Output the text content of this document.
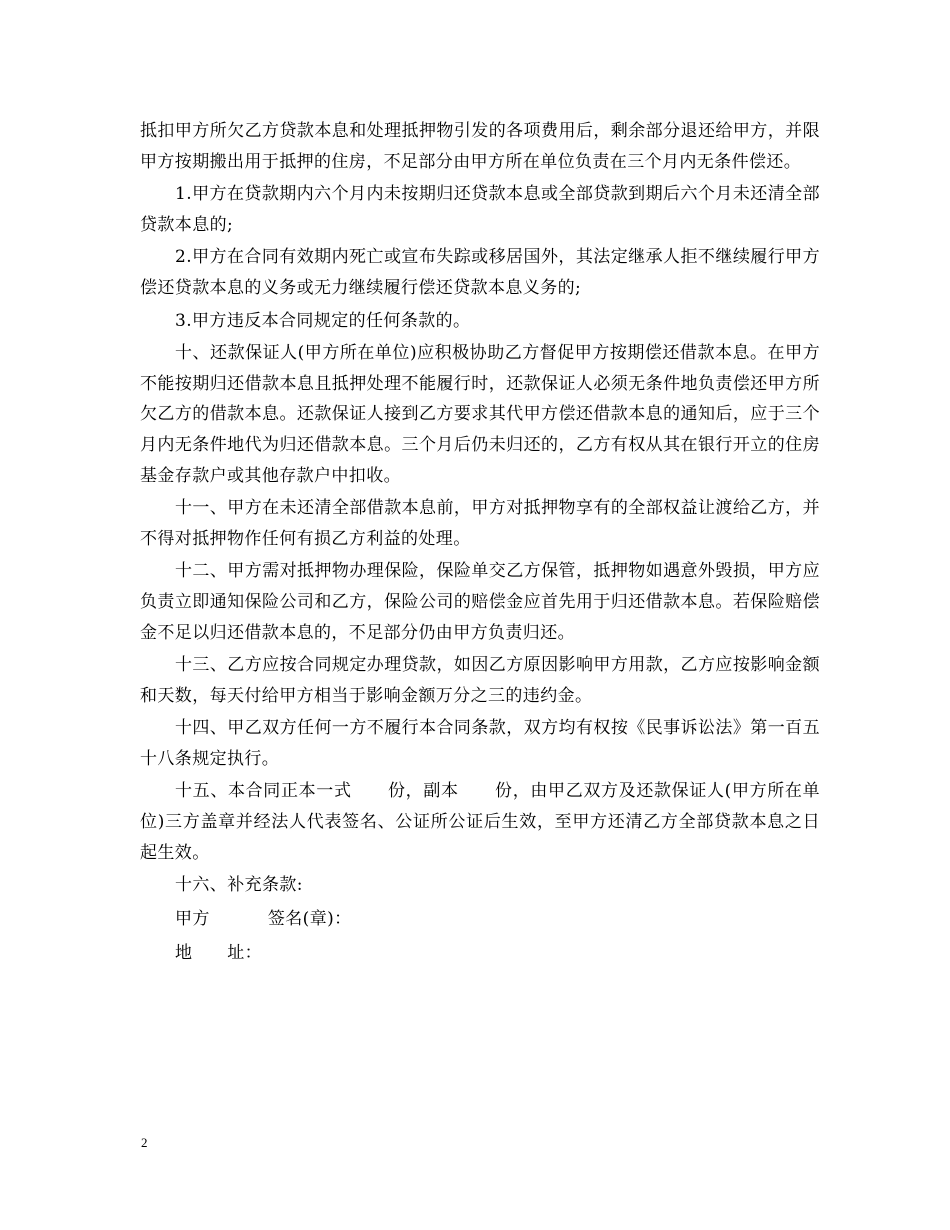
抵扣甲方所欠乙方贷款本息和处理抵押物引发的各项费用后，剩余部分退还给甲方，并限甲方按期搬出用于抵押的住房，不足部分由甲方所在单位负责在三个月内无条件偿还。

1.甲方在贷款期内六个月内未按期归还贷款本息或全部贷款到期后六个月未还清全部贷款本息的;

2.甲方在合同有效期内死亡或宣布失踪或移居国外，其法定继承人拒不继续履行甲方偿还贷款本息的义务或无力继续履行偿还贷款本息义务的;

3.甲方违反本合同规定的任何条款的。

十、还款保证人(甲方所在单位)应积极协助乙方督促甲方按期偿还借款本息。在甲方不能按期归还借款本息且抵押处理不能履行时，还款保证人必须无条件地负责偿还甲方所欠乙方的借款本息。还款保证人接到乙方要求其代甲方偿还借款本息的通知后，应于三个月内无条件地代为归还借款本息。三个月后仍未归还的，乙方有权从其在银行开立的住房基金存款户或其他存款户中扣收。

十一、甲方在未还清全部借款本息前，甲方对抵押物享有的全部权益让渡给乙方，并不得对抵押物作任何有损乙方利益的处理。

十二、甲方需对抵押物办理保险，保险单交乙方保管，抵押物如遇意外毁损，甲方应负责立即通知保险公司和乙方，保险公司的赔偿金应首先用于归还借款本息。若保险赔偿金不足以归还借款本息的，不足部分仍由甲方负责归还。

十三、乙方应按合同规定办理贷款，如因乙方原因影响甲方用款，乙方应按影响金额和天数，每天付给甲方相当于影响金额万分之三的违约金。

十四、甲乙双方任何一方不履行本合同条款，双方均有权按《民事诉讼法》第一百五十八条规定执行。

十五、本合同正本一式      份，副本      份，由甲乙双方及还款保证人(甲方所在单位)三方盖章并经法人代表签名、公证所公证后生效，至甲方还清乙方全部贷款本息之日起生效。

十六、补充条款:

甲方	签名(章)：
地      址：
2
